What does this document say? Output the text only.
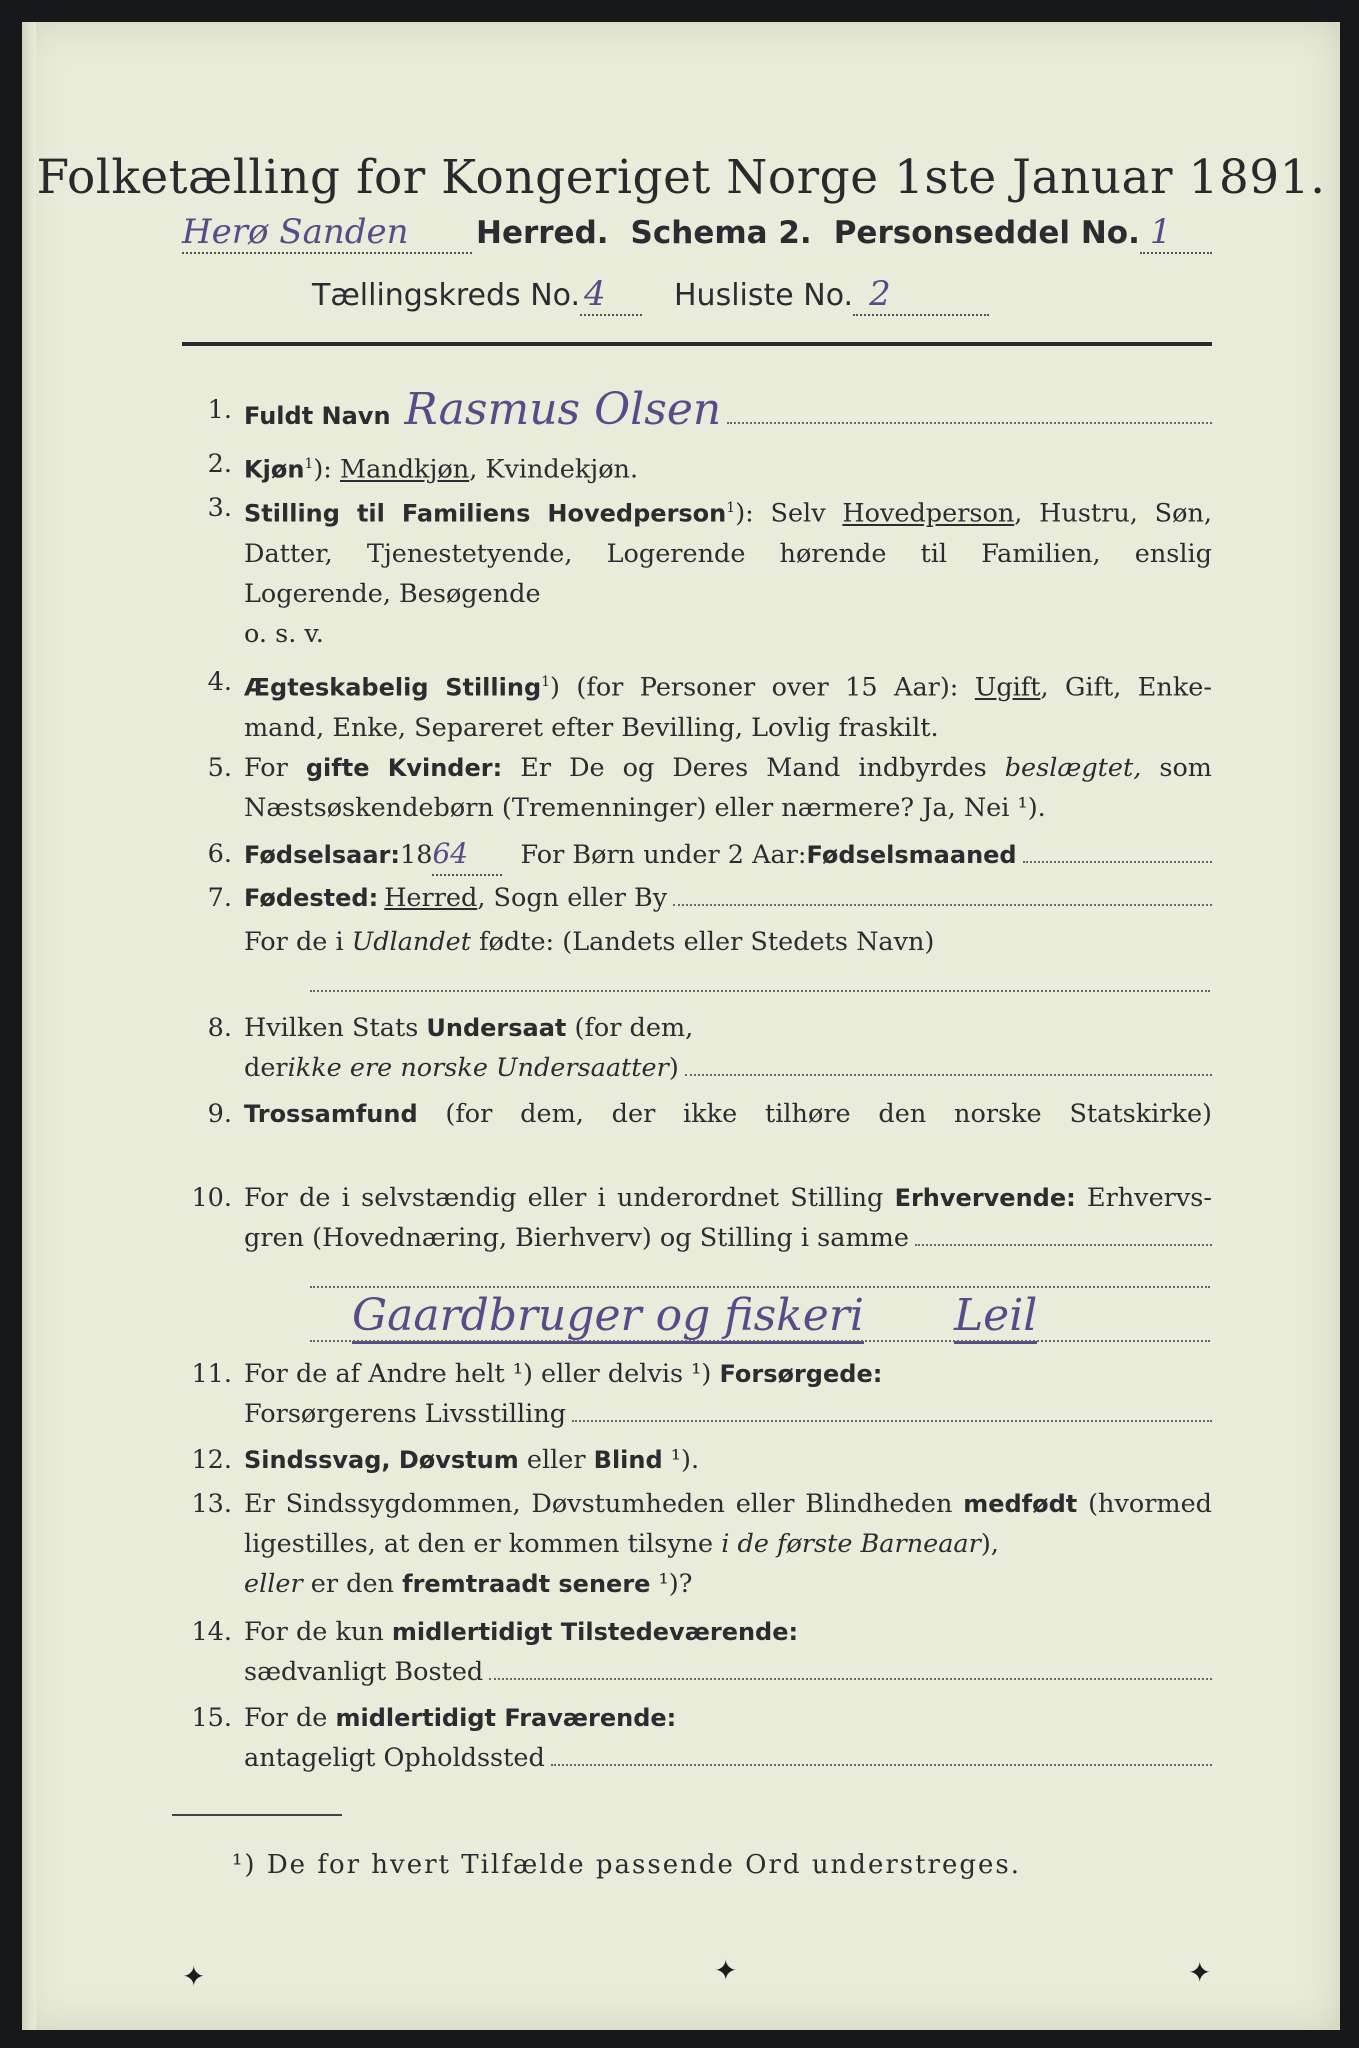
Folketælling for Kongeriget Norge 1ste Januar 1891.
Herø Sanden	Herred. Schema 2. Personseddel No. 1
Tællingskreds No. 4	Husliste No. 2
1. Fuldt Navn Rasmus Olsen
2. Kjøn$^1$): Mandkjøn, Kvindekjøn.
3. Stilling til Familiens Hovedperson$^1$): Selv Hovedperson, Hustru, Søn,
Datter, Tjenestetyende, Logerende hørende til Familien, enslig
Logerende, Besøgende
o. s. v.
4. Ægteskabelig Stilling$^1$) (for Personer over 15 Aar): Ugift, Gift, Enke-
mand, Enke, Separeret efter Bevilling, Lovlig fraskilt.
5. For gifte Kvinder: Er De og Deres Mand indbyrdes beslægtet, som
Næstsøskendebørn (Tremenninger) eller nærmere? Ja, Nei ¹).
6. Fødselsaar: 18 64	For Børn under 2 Aar: Fødselsmaaned
7. Fødested: Herred , Sogn eller By
For de i Udlandet fødte: (Landets eller Stedets Navn)
8. Hvilken Stats Undersaat (for dem,
der ikke ere norske Undersaatter )
9. Trossamfund (for dem, der ikke tilhøre den norske Statskirke)
10. For de i selvstændig eller i underordnet Stilling Erhvervende: Erhvervs-
gren (Hovednæring, Bierhverv) og Stilling i samme
Gaardbruger og fiskeri Leil
11. For de af Andre helt ¹) eller delvis ¹) Forsørgede:
Forsørgerens Livsstilling
12. Sindssvag, Døvstum eller Blind ¹).
13. Er Sindssygdommen, Døvstumheden eller Blindheden medfødt (hvormed
ligestilles, at den er kommen tilsyne i de første Barneaar),
eller er den fremtraadt senere ¹)?
14. For de kun midlertidigt Tilstedeværende:
sædvanligt Bosted
15. For de midlertidigt Fraværende:
antageligt Opholdssted
¹) De for hvert Tilfælde passende Ord understreges.
✦	✦	✦
